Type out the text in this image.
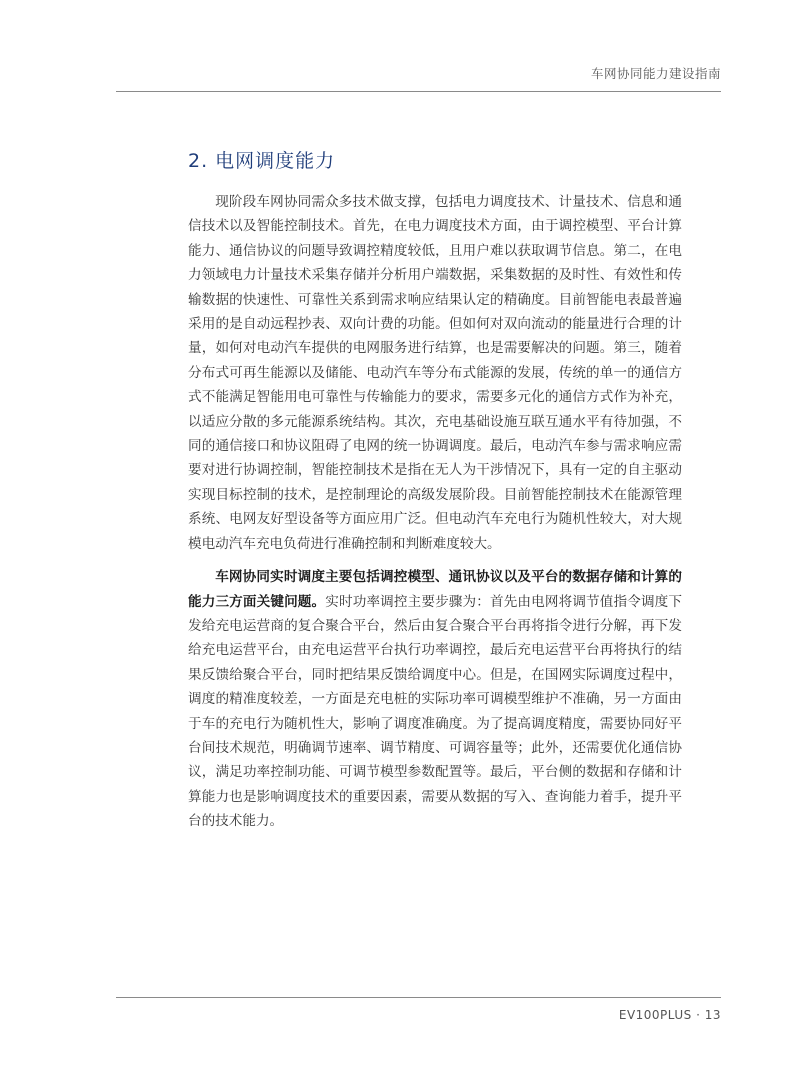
车网协同能力建设指南
2. 电网调度能力

现阶段车网协同需众多技术做支撑，包括电力调度技术、计量技术、信息和通信技术以及智能控制技术。首先，在电力调度技术方面，由于调控模型、平台计算能力、通信协议的问题导致调控精度较低，且用户难以获取调节信息。第二，在电力领域电力计量技术采集存储并分析用户端数据，采集数据的及时性、有效性和传输数据的快速性、可靠性关系到需求响应结果认定的精确度。目前智能电表最普遍采用的是自动远程抄表、双向计费的功能。但如何对双向流动的能量进行合理的计量，如何对电动汽车提供的电网服务进行结算，也是需要解决的问题。第三，随着分布式可再生能源以及储能、电动汽车等分布式能源的发展，传统的单一的通信方式不能满足智能用电可靠性与传输能力的要求，需要多元化的通信方式作为补充，以适应分散的多元能源系统结构。其次，充电基础设施互联互通水平有待加强，不同的通信接口和协议阻碍了电网的统一协调调度。最后，电动汽车参与需求响应需要对进行协调控制，智能控制技术是指在无人为干涉情况下，具有一定的自主驱动实现目标控制的技术，是控制理论的高级发展阶段。目前智能控制技术在能源管理系统、电网友好型设备等方面应用广泛。但电动汽车充电行为随机性较大，对大规模电动汽车充电负荷进行准确控制和判断难度较大。

车网协同实时调度主要包括调控模型、通讯协议以及平台的数据存储和计算的能力三方面关键问题。实时功率调控主要步骤为：首先由电网将调节值指令调度下发给充电运营商的复合聚合平台，然后由复合聚合平台再将指令进行分解，再下发给充电运营平台，由充电运营平台执行功率调控，最后充电运营平台再将执行的结果反馈给聚合平台，同时把结果反馈给调度中心。但是，在国网实际调度过程中，调度的精准度较差，一方面是充电桩的实际功率可调模型维护不准确，另一方面由于车的充电行为随机性大，影响了调度准确度。为了提高调度精度，需要协同好平台间技术规范，明确调节速率、调节精度、可调容量等；此外，还需要优化通信协议，满足功率控制功能、可调节模型参数配置等。最后，平台侧的数据和存储和计算能力也是影响调度技术的重要因素，需要从数据的写入、查询能力着手，提升平台的技术能力。

EV100PLUS · 13
